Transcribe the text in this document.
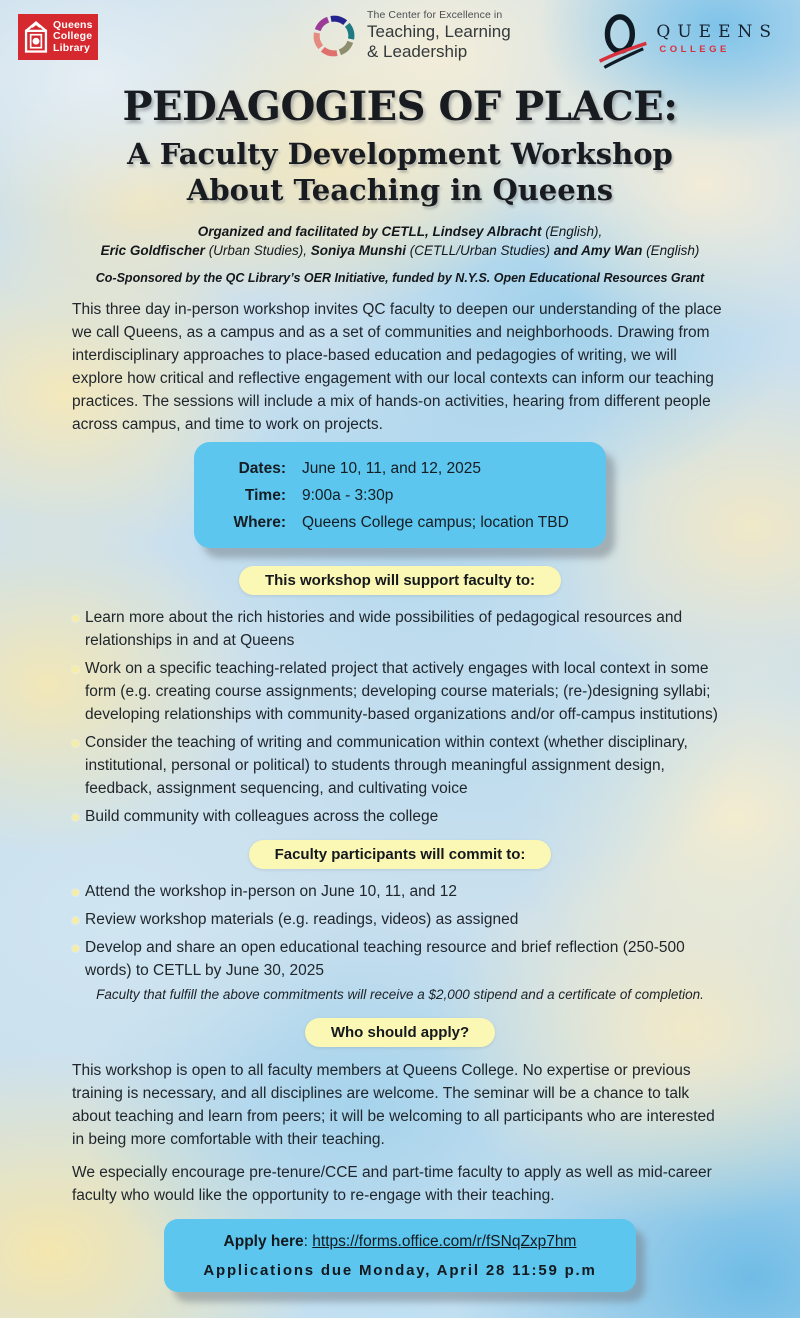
Queens
College
Library
The Center for Excellence in
Teaching, Learning
& Leadership
QUEENS
COLLEGE
PEDAGOGIES OF PLACE:
A Faculty Development Workshop
About Teaching in Queens
Organized and facilitated by CETLL, Lindsey Albracht (English),
Eric Goldfischer (Urban Studies), Soniya Munshi (CETLL/Urban Studies) and Amy Wan (English)
Co-Sponsored by the QC Library’s OER Initiative, funded by N.Y.S. Open Educational Resources Grant
This three day in-person workshop invites QC faculty to deepen our understanding of the place we call Queens, as a campus and as a set of communities and neighborhoods. Drawing from interdisciplinary approaches to place-based education and pedagogies of writing, we will explore how critical and reflective engagement with our local contexts can inform our teaching practices. The sessions will include a mix of hands-on activities, hearing from different people across campus, and time to work on projects.
Dates: June 10, 11, and 12, 2025
Time: 9:00a - 3:30p
Where: Queens College campus; location TBD
This workshop will support faculty to:
Learn more about the rich histories and wide possibilities of pedagogical resources and relationships in and at Queens
Work on a specific teaching-related project that actively engages with local context in some form (e.g. creating course assignments; developing course materials; (re-)designing syllabi; developing relationships with community-based organizations and/or off-campus institutions)
Consider the teaching of writing and communication within context (whether disciplinary, institutional, personal or political) to students through meaningful assignment design, feedback, assignment sequencing, and cultivating voice
Build community with colleagues across the college
Faculty participants will commit to:
Attend the workshop in-person on June 10, 11, and 12
Review workshop materials (e.g. readings, videos) as assigned
Develop and share an open educational teaching resource and brief reflection (250-500 words) to CETLL by June 30, 2025
Faculty that fulfill the above commitments will receive a $2,000 stipend and a certificate of completion.
Who should apply?
This workshop is open to all faculty members at Queens College. No expertise or previous training is necessary, and all disciplines are welcome. The seminar will be a chance to talk about teaching and learn from peers; it will be welcoming to all participants who are interested in being more comfortable with their teaching.
We especially encourage pre-tenure/CCE and part-time faculty to apply as well as mid-career faculty who would like the opportunity to re-engage with their teaching.
Apply here: https://forms.office.com/r/fSNqZxp7hm
Applications due Monday, April 28 11:59 p.m
